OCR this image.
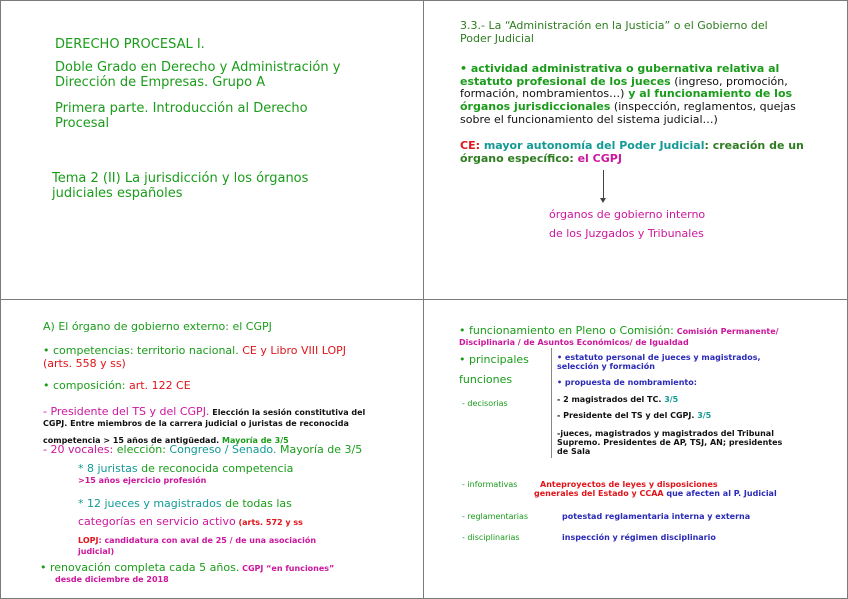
DERECHO PROCESAL I.
Doble Grado en Derecho y Administración y
Dirección de Empresas. Grupo A
Primera parte. Introducción al Derecho
Procesal
Tema 2 (II) La jurisdicción y los órganos
judiciales españoles
3.3.- La “Administración en la Justicia” o el Gobierno del
Poder Judicial
• actividad administrativa o gubernativa relativa al
estatuto profesional de los jueces (ingreso, promoción,
formación, nombramientos…) y al funcionamiento de los
órganos jurisdiccionales (inspección, reglamentos, quejas
sobre el funcionamiento del sistema judicial…)
CE: mayor autonomía del Poder Judicial: creación de un
órgano específico: el CGPJ
órganos de gobierno interno
de los Juzgados y Tribunales
A) El órgano de gobierno externo: el CGPJ
• competencias: territorio nacional. CE y Libro VIII LOPJ
(arts. 558 y ss)
• composición: art. 122 CE
- Presidente del TS y del CGPJ. Elección la sesión constitutiva del
CGPJ. Entre miembros de la carrera judicial o juristas de reconocida
competencia > 15 años de antigüedad. Mayoría de 3/5
- 20 vocales: elección: Congreso / Senado. Mayoría de 3/5
* 8 juristas de reconocida competencia
>15 años ejercicio profesión
* 12 jueces y magistrados de todas las
categorías en servicio activo (arts. 572 y ss
LOPJ: candidatura con aval de 25 / de una asociación
judicial)
• renovación completa cada 5 años. CGPJ “en funciones”
desde diciembre de 2018
• funcionamiento en Pleno o Comisión: Comisión Permanente/
Disciplinaria / de Asuntos Económicos/ de Igualdad
• principales
funciones
- decisorias
• estatuto personal de jueces y magistrados,
selección y formación
• propuesta de nombramiento:
- 2 magistrados del TC. 3/5
- Presidente del TS y del CGPJ. 3/5
-jueces, magistrados y magistrados del Tribunal
Supremo. Presidentes de AP, TSJ, AN; presidentes
de Sala
- informativas	Anteproyectos de leyes y disposiciones
generales del Estado y CCAA que afecten al P. Judicial
- reglamentarias	potestad reglamentaria interna y externa
- disciplinarias	inspección y régimen disciplinario
